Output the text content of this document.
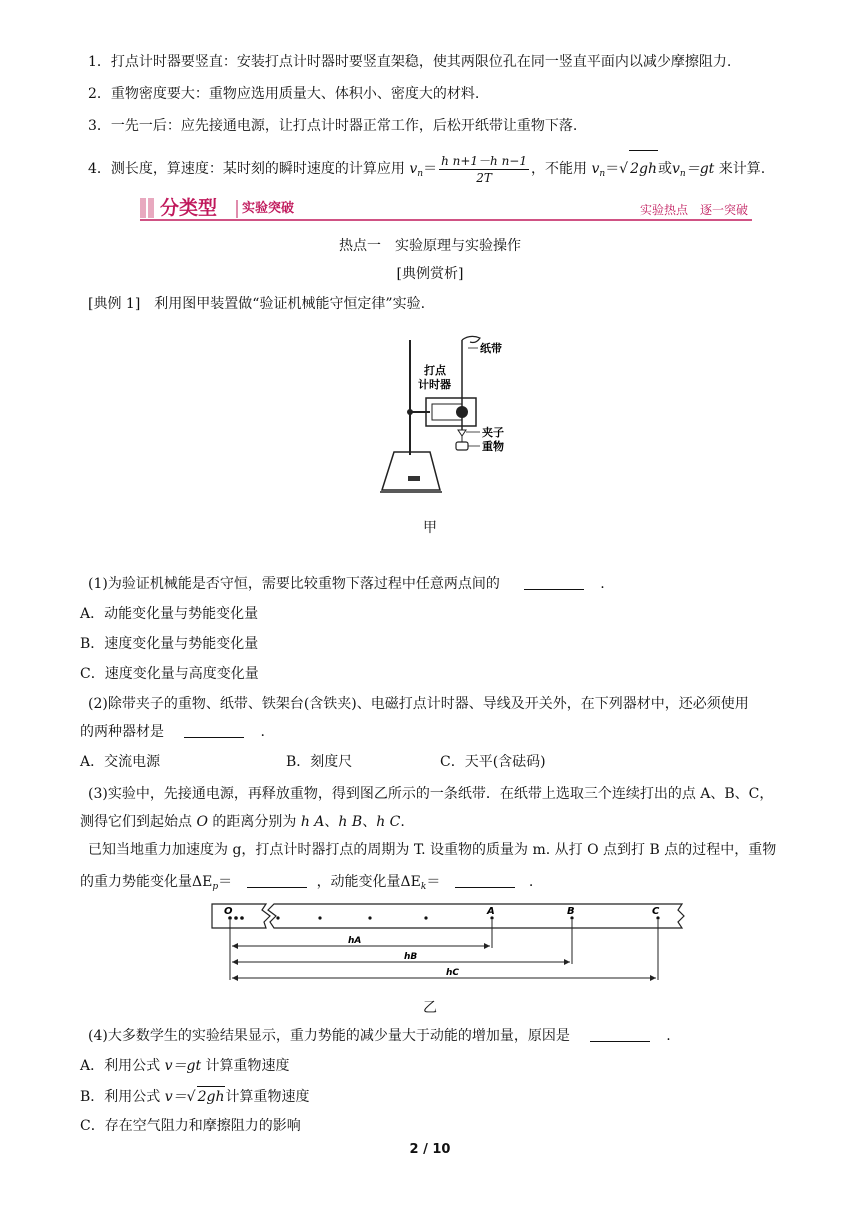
1．打点计时器要竖直：安装打点计时器时要竖直架稳，使其两限位孔在同一竖直平面内以减少摩擦阻力.
2．重物密度要大：重物应选用质量大、体积小、密度大的材料.
3．一先一后：应先接通电源，让打点计时器正常工作，后松开纸带让重物下落.
4．测长度，算速度：某时刻的瞬时速度的计算应用 $v_n= \frac{\text{h n+1－h n−1}}{2T}$ ，不能用 $v_n=√$ 2gh或$v_n=gt$ 来计算.
分类型 实验突破	实验热点　逐一突破
热点一　实验原理与实验操作
[典例赏析]
[典例 1]　利用图甲装置做“验证机械能守恒定律”实验.
打点
计时器
纸带
夹子
重物
甲
(1)为验证机械能是否守恒，需要比较重物下落过程中任意两点间的	.
A．动能变化量与势能变化量
B．速度变化量与势能变化量
C．速度变化量与高度变化量
(2)除带夹子的重物、纸带、铁架台(含铁夹)、电磁打点计时器、导线及开关外，在下列器材中，还必须使用
的两种器材是	.
A．交流电源	B．刻度尺	C．天平(含砝码)
(3)实验中，先接通电源，再释放重物，得到图乙所示的一条纸带．在纸带上选取三个连续打出的点 A、B、C，
测得它们到起始点 O 的距离分别为 h A、h B、h C.
已知当地重力加速度为 g，打点计时器打点的周期为 T. 设重物的质量为 m. 从打 O 点到打 B 点的过程中，重物
的重力势能变化量$\Delta E_p=$	，动能变化量$\Delta E_k=$	.
O	A	B	C
hA
hB
hC
乙
(4)大多数学生的实验结果显示，重力势能的减少量大于动能的增加量，原因是	.
A．利用公式 v＝gt 计算重物速度
B．利用公式 v＝√ 2gh计算重物速度
C．存在空气阻力和摩擦阻力的影响
2 / 10
